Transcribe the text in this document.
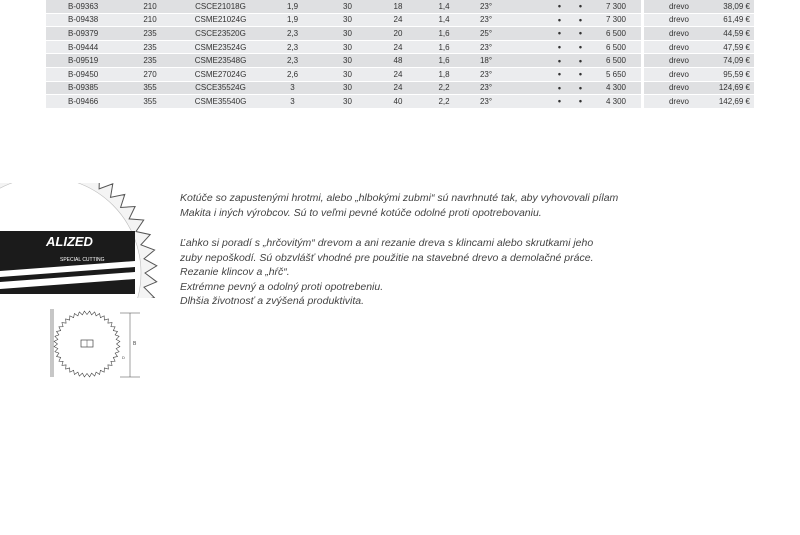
B-09363	210	CSCE21018G	1,9	30	18	1,4	23°		•	•	7 300		drevo	38,09 €
B-09438	210	CSME21024G	1,9	30	24	1,4	23°		•	•	7 300		drevo	61,49 €
B-09379	235	CSCE23520G	2,3	30	20	1,6	25°		•	•	6 500		drevo	44,59 €
B-09444	235	CSME23524G	2,3	30	24	1,6	23°		•	•	6 500		drevo	47,59 €
B-09519	235	CSME23548G	2,3	30	48	1,6	18°		•	•	6 500		drevo	74,09 €
B-09450	270	CSME27024G	2,6	30	24	1,8	23°		•	•	5 650		drevo	95,59 €
B-09385	355	CSCE35524G	3	30	24	2,2	23°		•	•	4 300		drevo	124,69 €
B-09466	355	CSME35540G	3	30	40	2,2	23°		•	•	4 300		drevo	142,69 €
ALIZED
SPECIAL CUTTING
B
D

Kotúče so zapustenými hrotmi, alebo „hlbokými zubmi“ sú navrhnuté tak, aby vyhovovali pílam

Makita i iných výrobcov. Sú to veľmi pevné kotúče odolné proti opotrebovaniu.

Ľahko si poradí s „hrčovitým“ drevom a ani rezanie dreva s klincami alebo skrutkami jeho

zuby nepoškodí. Sú obzvlášť vhodné pre použitie na stavebné drevo a demolačné práce.

Rezanie klincov a „hŕč“.

Extrémne pevný a odolný proti opotrebeniu.

Dlhšia životnosť a zvýšená produktivita.
